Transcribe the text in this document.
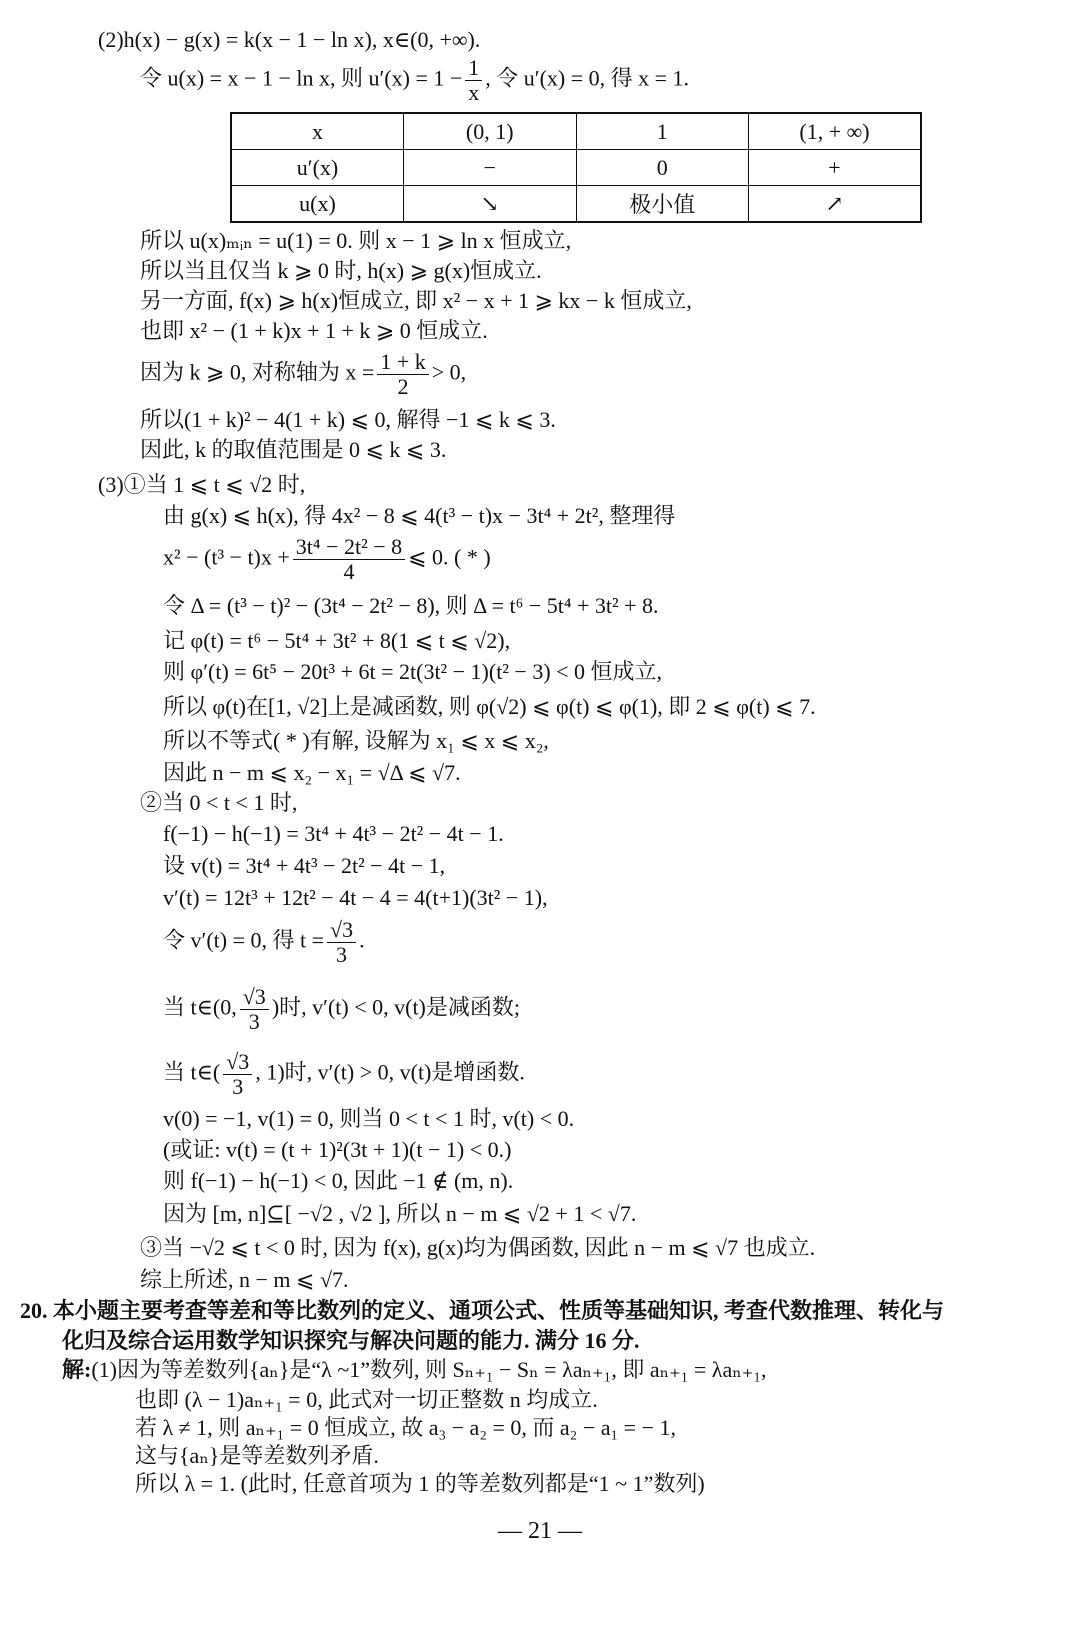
(2)h(x) − g(x) = k(x − 1 − ln x), x∈(0, +∞).
令 u(x) = x − 1 − ln x, 则 $u'(x) = 1 - \frac{1}{x}$ , 令 u′(x) = 0, 得 x = 1.
x	(0, 1)	1	(1, + ∞)
u′(x)	−	0	+
u(x)	↘	极小值	↗
所以 u(x)ₘᵢₙ = u(1) = 0. 则 x − 1 ⩾ ln x 恒成立,
所以当且仅当 k ⩾ 0 时, h(x) ⩾ g(x)恒成立.
另一方面, f(x) ⩾ h(x)恒成立, 即 x² − x + 1 ⩾ kx − k 恒成立,
也即 x² − (1 + k)x + 1 + k ⩾ 0 恒成立.
因为 k ⩾ 0, 对称轴为 $x = \frac{1 + k}{2} > 0$,
所以(1 + k)² − 4(1 + k) ⩽ 0, 解得 −1 ⩽ k ⩽ 3.
因此, k 的取值范围是 0 ⩽ k ⩽ 3.
(3)①当 1 ⩽ t ⩽ √2 时,
由 g(x) ⩽ h(x), 得 4x² − 8 ⩽ 4(t³ − t)x − 3t⁴ + 2t², 整理得
$x^2 - (t^3 - t)x + \frac{\text{3t⁴ − 2t² − 8}}{4}$ ⩽ 0. ( * )
令 Δ = (t³ − t)² − (3t⁴ − 2t² − 8), 则 Δ = t⁶ − 5t⁴ + 3t² + 8.
记 φ(t) = t⁶ − 5t⁴ + 3t² + 8(1 ⩽ t ⩽ √2),
则 φ′(t) = 6t⁵ − 20t³ + 6t = 2t(3t² − 1)(t² − 3) < 0 恒成立,
所以 φ(t)在[1, √2]上是减函数, 则 φ(√2) ⩽ φ(t) ⩽ φ(1), 即 2 ⩽ φ(t) ⩽ 7.
所以不等式( * )有解, 设解为 x₁ ⩽ x ⩽ x₂,
因此 n − m ⩽ x₂ − x₁ = √Δ ⩽ √7.
②当 0 < t < 1 时,
f(−1) − h(−1) = 3t⁴ + 4t³ − 2t² − 4t − 1.
设 v(t) = 3t⁴ + 4t³ − 2t² − 4t − 1,
v′(t) = 12t³ + 12t² − 4t − 4 = 4(t+1)(3t² − 1),
令 v′(t) = 0, 得 $t = \frac{√3}{3}$ .
当 t∈(0, $\frac{√3}{3}$ )时, v′(t) < 0, v(t)是减函数;
当 t∈( $\frac{√3}{3}$ , 1)时, v′(t) > 0, v(t)是增函数.
v(0) = −1, v(1) = 0, 则当 0 < t < 1 时, v(t) < 0.
(或证: v(t) = (t + 1)²(3t + 1)(t − 1) < 0.)
则 f(−1) − h(−1) < 0, 因此 −1 ∉ (m, n).
因为 [m, n]⊆[ −√2 , √2 ], 所以 n − m ⩽ √2 + 1 < √7.
③当 −√2 ⩽ t < 0 时, 因为 f(x), g(x)均为偶函数, 因此 n − m ⩽ √7 也成立.
综上所述, n − m ⩽ √7.
20. 本小题主要考查等差和等比数列的定义、通项公式、性质等基础知识, 考查代数推理、转化与
化归及综合运用数学知识探究与解决问题的能力. 满分 16 分.
解:(1)因为等差数列{aₙ}是“λ ~1”数列, 则 Sₙ₊₁ − Sₙ = λaₙ₊₁, 即 aₙ₊₁ = λaₙ₊₁,
也即 (λ − 1)aₙ₊₁ = 0, 此式对一切正整数 n 均成立.
若 λ ≠ 1, 则 aₙ₊₁ = 0 恒成立, 故 a₃ − a₂ = 0, 而 a₂ − a₁ = − 1,
这与{aₙ}是等差数列矛盾.
所以 λ = 1. (此时, 任意首项为 1 的等差数列都是“1 ~ 1”数列)
— 21 —
